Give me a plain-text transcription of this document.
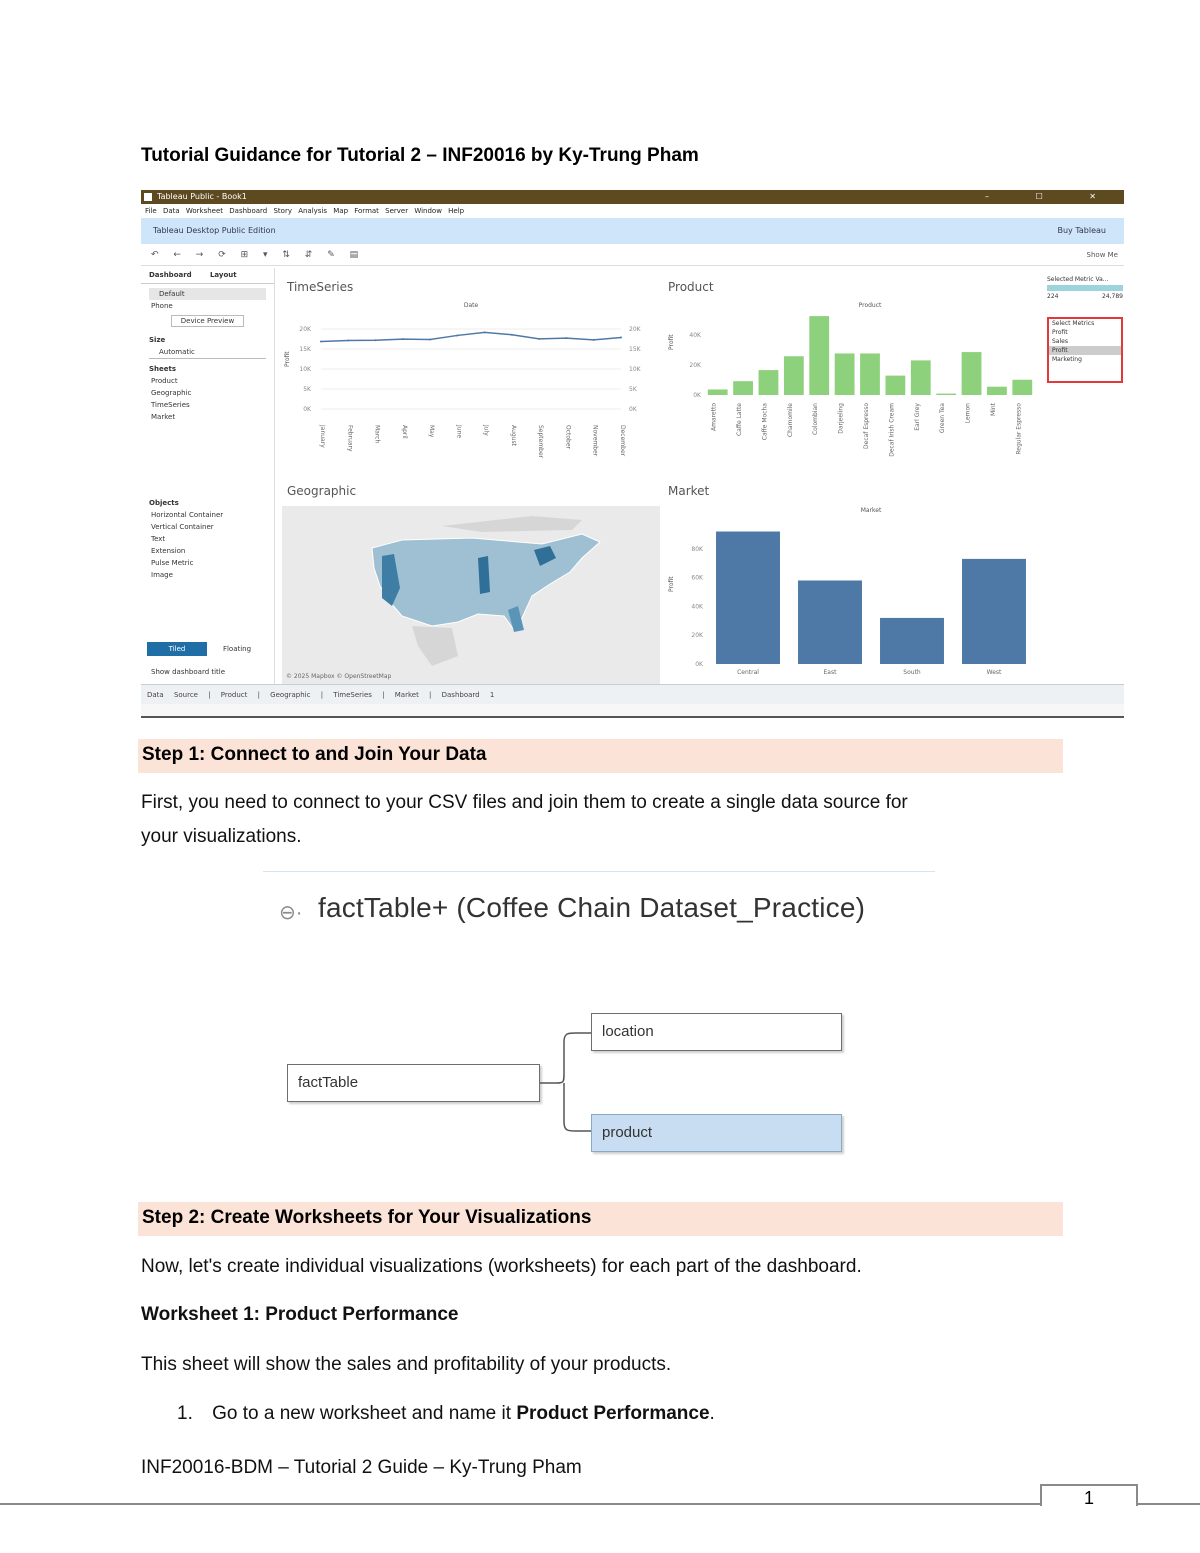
Tutorial Guidance for Tutorial 2 – INF20016 by Ky-Trung Pham
Tableau Public - Book1	– ☐ ✕
File Data Worksheet Dashboard Story Analysis Map Format Server Window Help
Tableau Desktop Public Edition	Buy Tableau
↶ ← → ⟳ ⊞ ▾ ⇅ ⇵ ✎ ▤	Show Me
Dashboard	Layout
Default
Phone
Device Preview
Size
Automatic
Sheets
Product
Geographic
TimeSeries
Market
Objects
Horizontal Container
Vertical Container
Text
Extension
Pulse Metric
Image
Tiled	Floating
Show dashboard title
TimeSeries	Product
Geographic	Market
Date
Profit
20K
15K
10K
5K
0K
20K
15K
10K
5K
0K
January	February	March	April	May	June	July	August	September	October	November	December
Product
Profit 40K
20K
0K
Amaretto	Caffe Latte	Caffe Mocha	Chamomile	Colombian	Darjeeling	Decaf Espresso	Decaf Irish Cream	Earl Grey	Green Tea	Lemon	Mint	Regular Espresso
© 2025 Mapbox © OpenStreetMap
Market
Profit
80K
60K
40K
20K
0K
Central	East	South	West
Selected Metric Va...
224	24,789
Select Metrics
Profit
Sales
Profit
Marketing
Data Source | Product | Geographic | TimeSeries | Market | Dashboard 1
Step 1: Connect to and Join Your Data
First, you need to connect to your CSV files and join them to create a single data source for
your visualizations.
⊖· factTable+ (Coffee Chain Dataset_Practice)
factTable
location
product
Step 2: Create Worksheets for Your Visualizations
Now, let's create individual visualizations (worksheets) for each part of the dashboard.
Worksheet 1: Product Performance
This sheet will show the sales and profitability of your products.
1. Go to a new worksheet and name it Product Performance.
INF20016-BDM – Tutorial 2 Guide – Ky-Trung Pham
1
